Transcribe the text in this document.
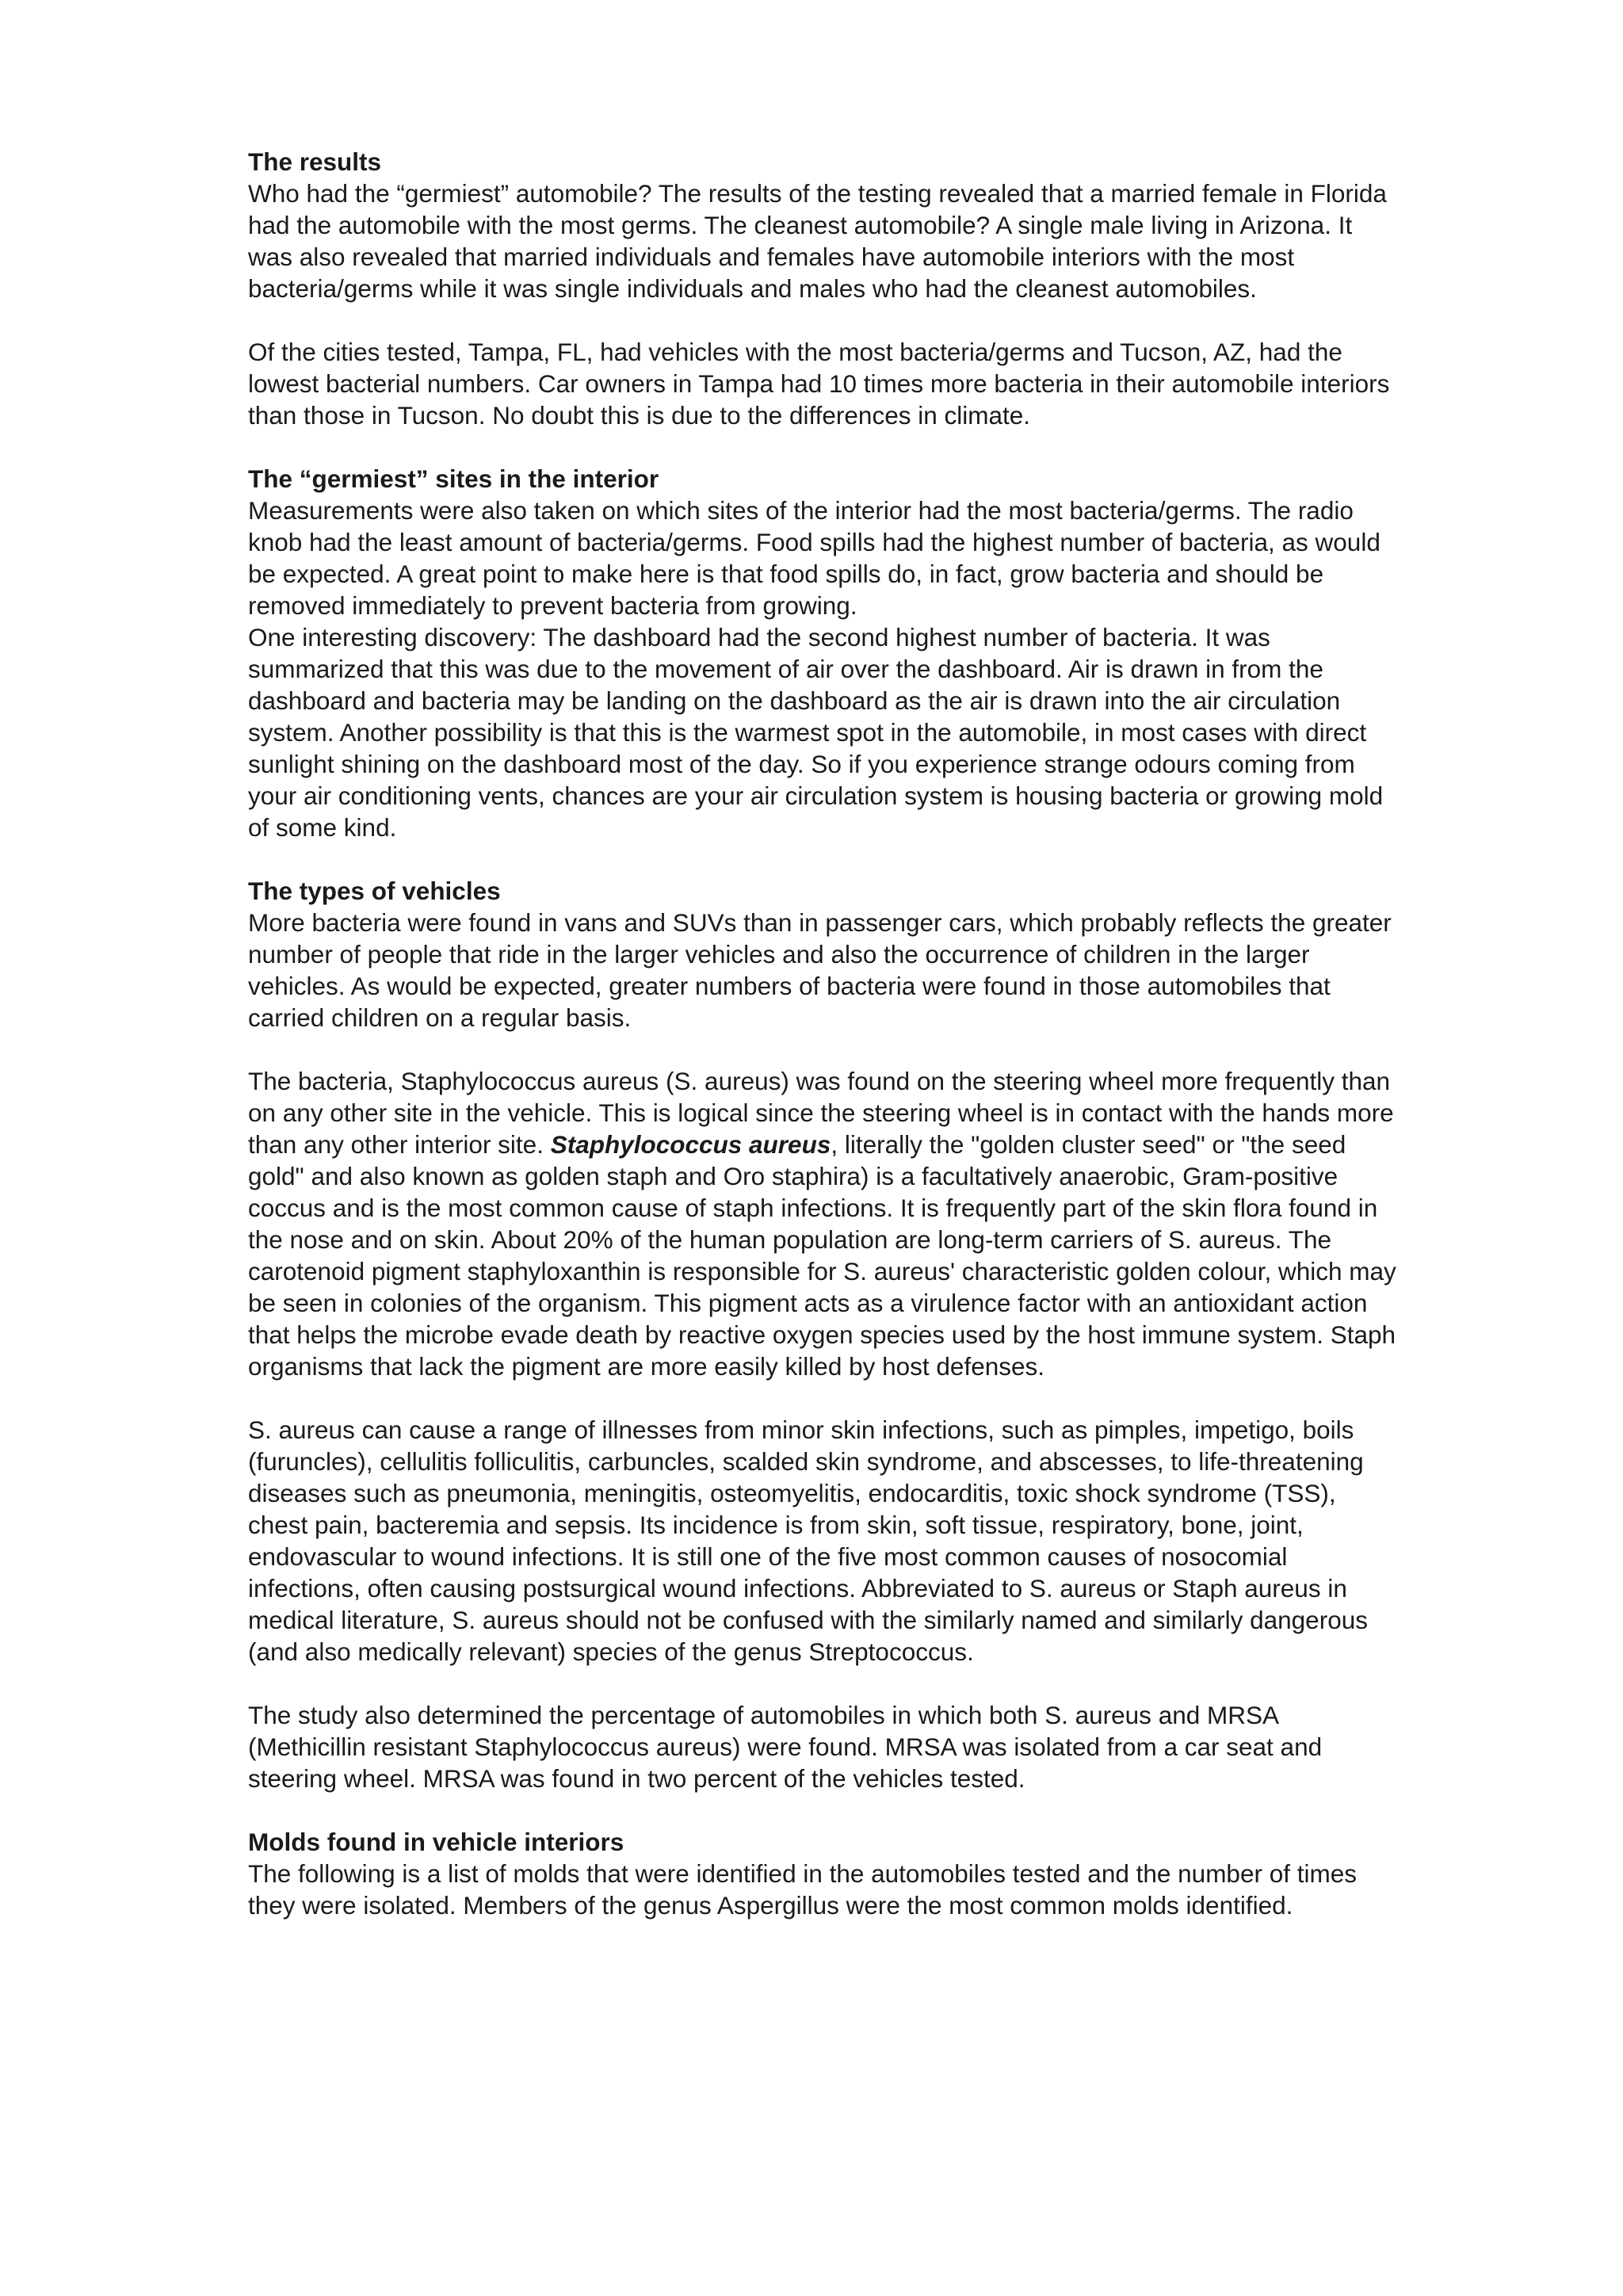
The results

Who had the “germiest” automobile? The results of the testing revealed that a married female in Florida had the automobile with the most germs. The cleanest automobile? A single male living in Arizona. It was also revealed that married individuals and females have automobile interiors with the most bacteria/germs while it was single individuals and males who had the cleanest automobiles.

Of the cities tested, Tampa, FL, had vehicles with the most bacteria/germs and Tucson, AZ, had the lowest bacterial numbers. Car owners in Tampa had 10 times more bacteria in their automobile interiors than those in Tucson. No doubt this is due to the differences in climate.

The “germiest” sites in the interior

Measurements were also taken on which sites of the interior had the most bacteria/germs. The radio knob had the least amount of bacteria/germs. Food spills had the highest number of bacteria, as would be expected. A great point to make here is that food spills do, in fact, grow bacteria and should be removed immediately to prevent bacteria from growing.

One interesting discovery: The dashboard had the second highest number of bacteria. It was summarized that this was due to the movement of air over the dashboard. Air is drawn in from the dashboard and bacteria may be landing on the dashboard as the air is drawn into the air circulation system. Another possibility is that this is the warmest spot in the automobile, in most cases with direct sunlight shining on the dashboard most of the day. So if you experience strange odours coming from your air conditioning vents, chances are your air circulation system is housing bacteria or growing mold of some kind.

The types of vehicles

More bacteria were found in vans and SUVs than in passenger cars, which probably reflects the greater number of people that ride in the larger vehicles and also the occurrence of children in the larger vehicles. As would be expected, greater numbers of bacteria were found in those automobiles that carried children on a regular basis.

The bacteria, Staphylococcus aureus (S. aureus) was found on the steering wheel more frequently than on any other site in the vehicle. This is logical since the steering wheel is in contact with the hands more than any other interior site. Staphylococcus aureus, literally the "golden cluster seed" or "the seed gold" and also known as golden staph and Oro staphira) is a facultatively anaerobic, Gram-positive coccus and is the most common cause of staph infections. It is frequently part of the skin flora found in the nose and on skin. About 20% of the human population are long-term carriers of S. aureus. The carotenoid pigment staphyloxanthin is responsible for S. aureus' characteristic golden colour, which may be seen in colonies of the organism. This pigment acts as a virulence factor with an antioxidant action that helps the microbe evade death by reactive oxygen species used by the host immune system. Staph organisms that lack the pigment are more easily killed by host defenses.

S. aureus can cause a range of illnesses from minor skin infections, such as pimples, impetigo, boils (furuncles), cellulitis folliculitis, carbuncles, scalded skin syndrome, and abscesses, to life-threatening diseases such as pneumonia, meningitis, osteomyelitis, endocarditis, toxic shock syndrome (TSS), chest pain, bacteremia and sepsis. Its incidence is from skin, soft tissue, respiratory, bone, joint, endovascular to wound infections. It is still one of the five most common causes of nosocomial infections, often causing postsurgical wound infections. Abbreviated to S. aureus or Staph aureus in medical literature, S. aureus should not be confused with the similarly named and similarly dangerous (and also medically relevant) species of the genus Streptococcus.

The study also determined the percentage of automobiles in which both S. aureus and MRSA (Methicillin resistant Staphylococcus aureus) were found. MRSA was isolated from a car seat and steering wheel. MRSA was found in two percent of the vehicles tested.

Molds found in vehicle interiors

The following is a list of molds that were identified in the automobiles tested and the number of times they were isolated. Members of the genus Aspergillus were the most common molds identified.
